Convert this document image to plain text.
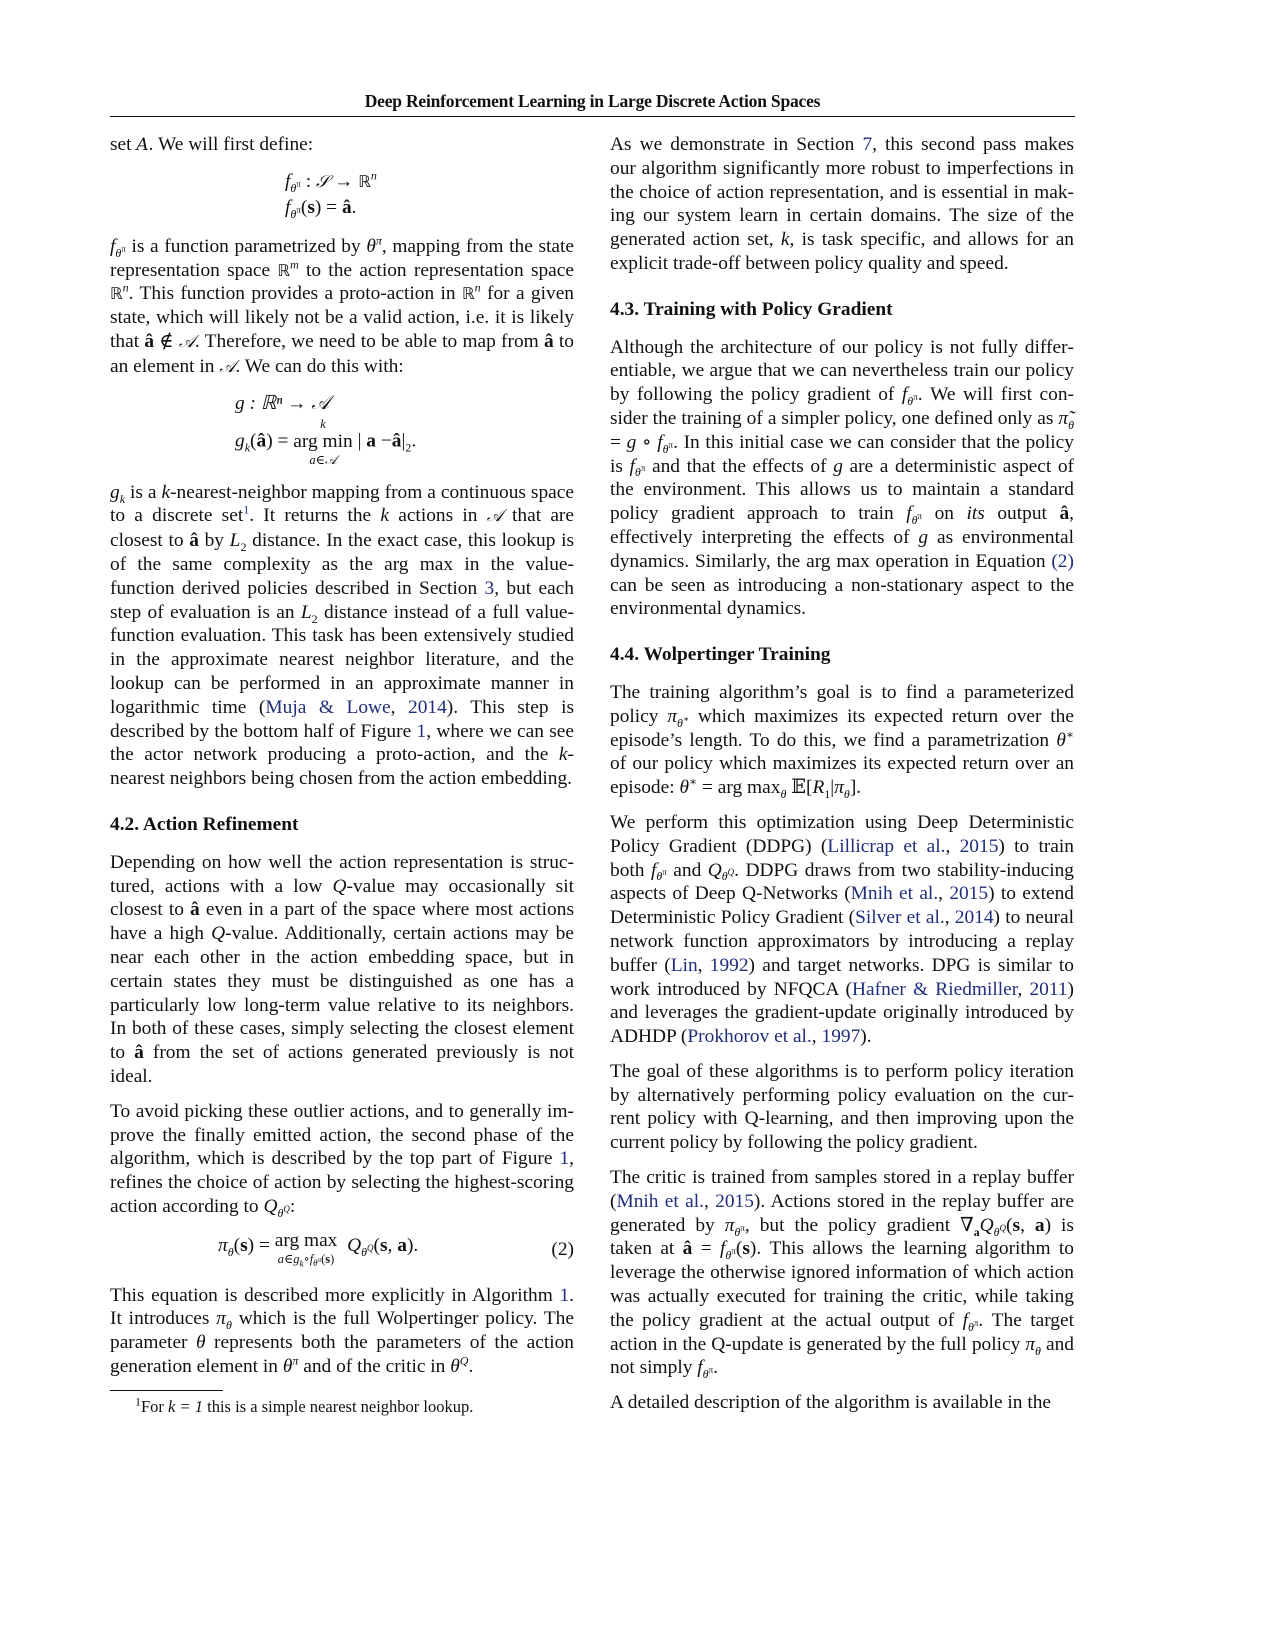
Deep Reinforcement Learning in Large Discrete Action Spaces

set A. We will first define:

$f_{\theta^\pi}$ : 𝒮 → ℝ$^n$
$f_{\theta^\pi}(s)$ = â.

$f_{\theta^\pi}$ is a function parametrized by $\theta^\pi$, mapping from the state representation space ℝ$^m$ to the action representation space ℝ$^n$. This function provides a proto-action in ℝ$^n$ for a given state, which will likely not be a valid action, i.e. it is likely that â ∉ 𝒜. Therefore, we need to be able to map from â to an element in 𝒜. We can do this with:

g : ℝⁿ → 𝒜
$g_k(â)$ =
k
arg min
a∈𝒜
| $a -â|_2$.

$g_k$ is a k-nearest-neighbor mapping from a continuous space to a discrete set$^1$. It returns the k actions in 𝒜 that are closest to â by $L_2$ distance. In the exact case, this lookup is of the same complexity as the arg max in the value-function derived policies described in Section 3, but each step of evaluation is an $L_2$ distance instead of a full value-function evaluation. This task has been extensively studied in the approximate nearest neighbor literature, and the lookup can be performed in an approximate manner in logarithmic time (Muja & Lowe, 2014). This step is described by the bottom half of Figure 1, where we can see the actor network producing a proto-action, and the k-nearest neighbors being chosen from the action embedding.

4.2. Action Refinement

Depending on how well the action representation is structured, actions with a low Q-value may occasionally sit closest to â even in a part of the space where most actions have a high Q-value. Additionally, certain actions may be near each other in the action embedding space, but in certain states they must be distinguished as one has a particularly low long-term value relative to its neighbors. In both of these cases, simply selecting the closest element to â from the set of actions generated previously is not ideal.

To avoid picking these outlier actions, and to generally improve the finally emitted action, the second phase of the algorithm, which is described by the top part of Figure 1, refines the choice of action by selecting the highest-scoring action according to $Q_{\theta^Q}$:

$\pi_\theta(s)$ = arg max
$a\in g_k\circ f_{\theta^\pi}(s)$
$Q_{\theta^Q}(s$, a).	(2)

This equation is described more explicitly in Algorithm 1. It introduces $\pi_\theta$ which is the full Wolpertinger policy. The parameter θ represents both the parameters of the action generation element in $\theta^\pi$ and of the critic in $\theta^Q$.

$^1$For k = 1 this is a simple nearest neighbor lookup.

As we demonstrate in Section 7, this second pass makes our algorithm significantly more robust to imperfections in the choice of action representation, and is essential in making our system learn in certain domains. The size of the generated action set, k, is task specific, and allows for an explicit trade-off between policy quality and speed.

4.3. Training with Policy Gradient

Although the architecture of our policy is not fully differentiable, we argue that we can nevertheless train our policy by following the policy gradient of $f_{\theta^\pi}$. We will first consider the training of a simpler policy, one defined only as $\pĩ_\theta = g$ ∘ $f_{\theta^\pi}$. In this initial case we can consider that the policy is $f_{\theta^\pi}$ and that the effects of g are a deterministic aspect of the environment. This allows us to maintain a standard policy gradient approach to train $f_{\theta^\pi}$ on its output â, effectively interpreting the effects of g as environmental dynamics. Similarly, the arg max operation in Equation (2) can be seen as introducing a non-stationary aspect to the environmental dynamics.

4.4. Wolpertinger Training

The training algorithm’s goal is to find a parameterized policy $\pi_{\theta^∗}$ which maximizes its expected return over the episode’s length. To do this, we find a parametrization θ∗ of our policy which maximizes its expected return over an episode: θ∗ = arg $\max_\theta$ $𝔼[R_1|\pi_\theta]$.

We perform this optimization using Deep Deterministic Policy Gradient (DDPG) (Lillicrap et al., 2015) to train both $f_{\theta^\pi}$ and $Q_{\theta^Q}$. DDPG draws from two stability-inducing aspects of Deep Q-Networks (Mnih et al., 2015) to extend Deterministic Policy Gradient (Silver et al., 2014) to neural network function approximators by introducing a replay buffer (Lin, 1992) and target networks. DPG is similar to work introduced by NFQCA (Hafner & Riedmiller, 2011) and leverages the gradient-update originally introduced by ADHDP (Prokhorov et al., 1997).

The goal of these algorithms is to perform policy iteration by alternatively performing policy evaluation on the current policy with Q-learning, and then improving upon the current policy by following the policy gradient.

The critic is trained from samples stored in a replay buffer (Mnih et al., 2015). Actions stored in the replay buffer are generated by $\pi_{\theta^\pi}$, but the policy gradient $\nabla_aQ_{\theta^Q}(s$, a) is taken at â = $f_{\theta^\pi}(s)$. This allows the learning algorithm to leverage the otherwise ignored information of which action was actually executed for training the critic, while taking the policy gradient at the actual output of $f_{\theta^\pi}$. The target action in the Q-update is generated by the full policy $\pi_\theta$ and not simply $f_{\theta^\pi}$.

A detailed description of the algorithm is available in the
